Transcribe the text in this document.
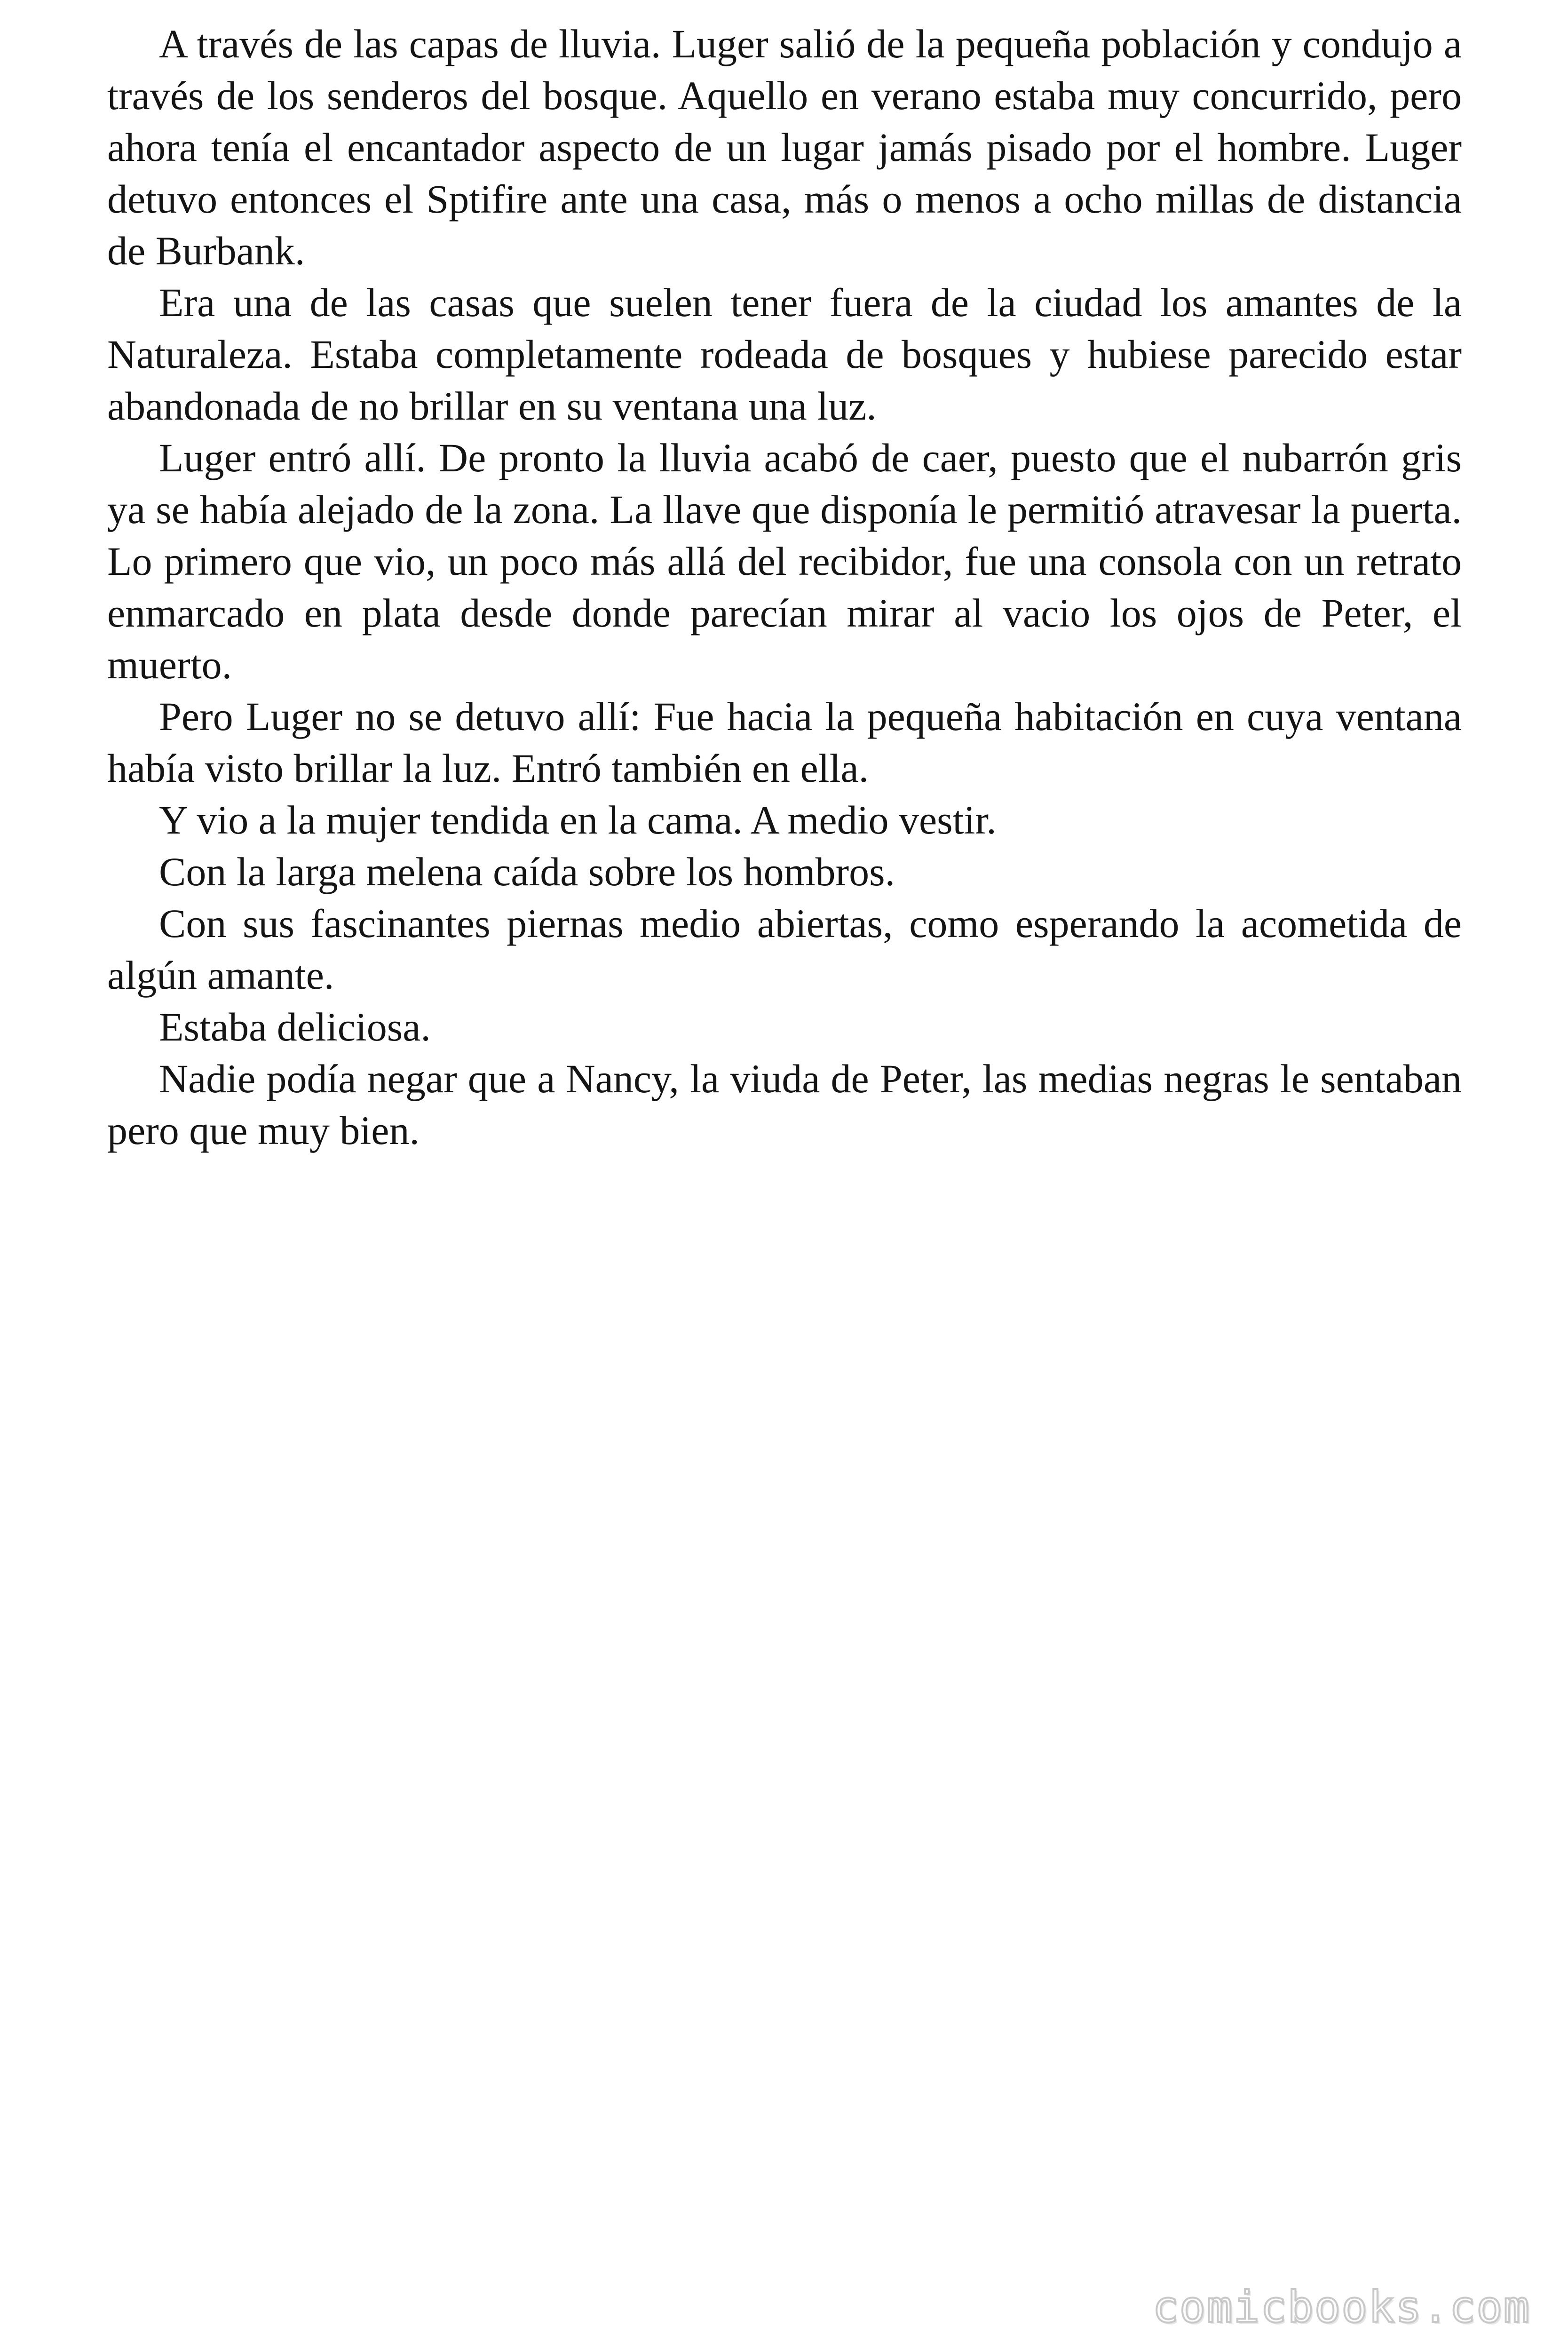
A través de las capas de lluvia. Luger salió de la pequeña población y condujo a través de los senderos del bosque. Aquello en verano estaba muy concurrido, pero ahora tenía el encantador aspecto de un lugar jamás pisado por el hombre. Luger detuvo entonces el Sptifire ante una casa, más o menos a ocho millas de distancia de Burbank.

Era una de las casas que suelen tener fuera de la ciudad los amantes de la Naturaleza. Estaba completamente rodeada de bosques y hubiese parecido estar abandonada de no brillar en su ventana una luz.

Luger entró allí. De pronto la lluvia acabó de caer, puesto que el nubarrón gris ya se había alejado de la zona. La llave que disponía le permitió atravesar la puerta. Lo primero que vio, un poco más allá del recibidor, fue una consola con un retrato enmarcado en plata desde donde parecían mirar al vacio los ojos de Peter, el muerto.

Pero Luger no se detuvo allí: Fue hacia la pequeña habitación en cuya ventana había visto brillar la luz. Entró también en ella.

Y vio a la mujer tendida en la cama. A medio vestir.

Con la larga melena caída sobre los hombros.

Con sus fascinantes piernas medio abiertas, como esperando la acometida de algún amante.

Estaba deliciosa.

Nadie podía negar que a Nancy, la viuda de Peter, las medias negras le sentaban pero que muy bien.

comicbooks.com
